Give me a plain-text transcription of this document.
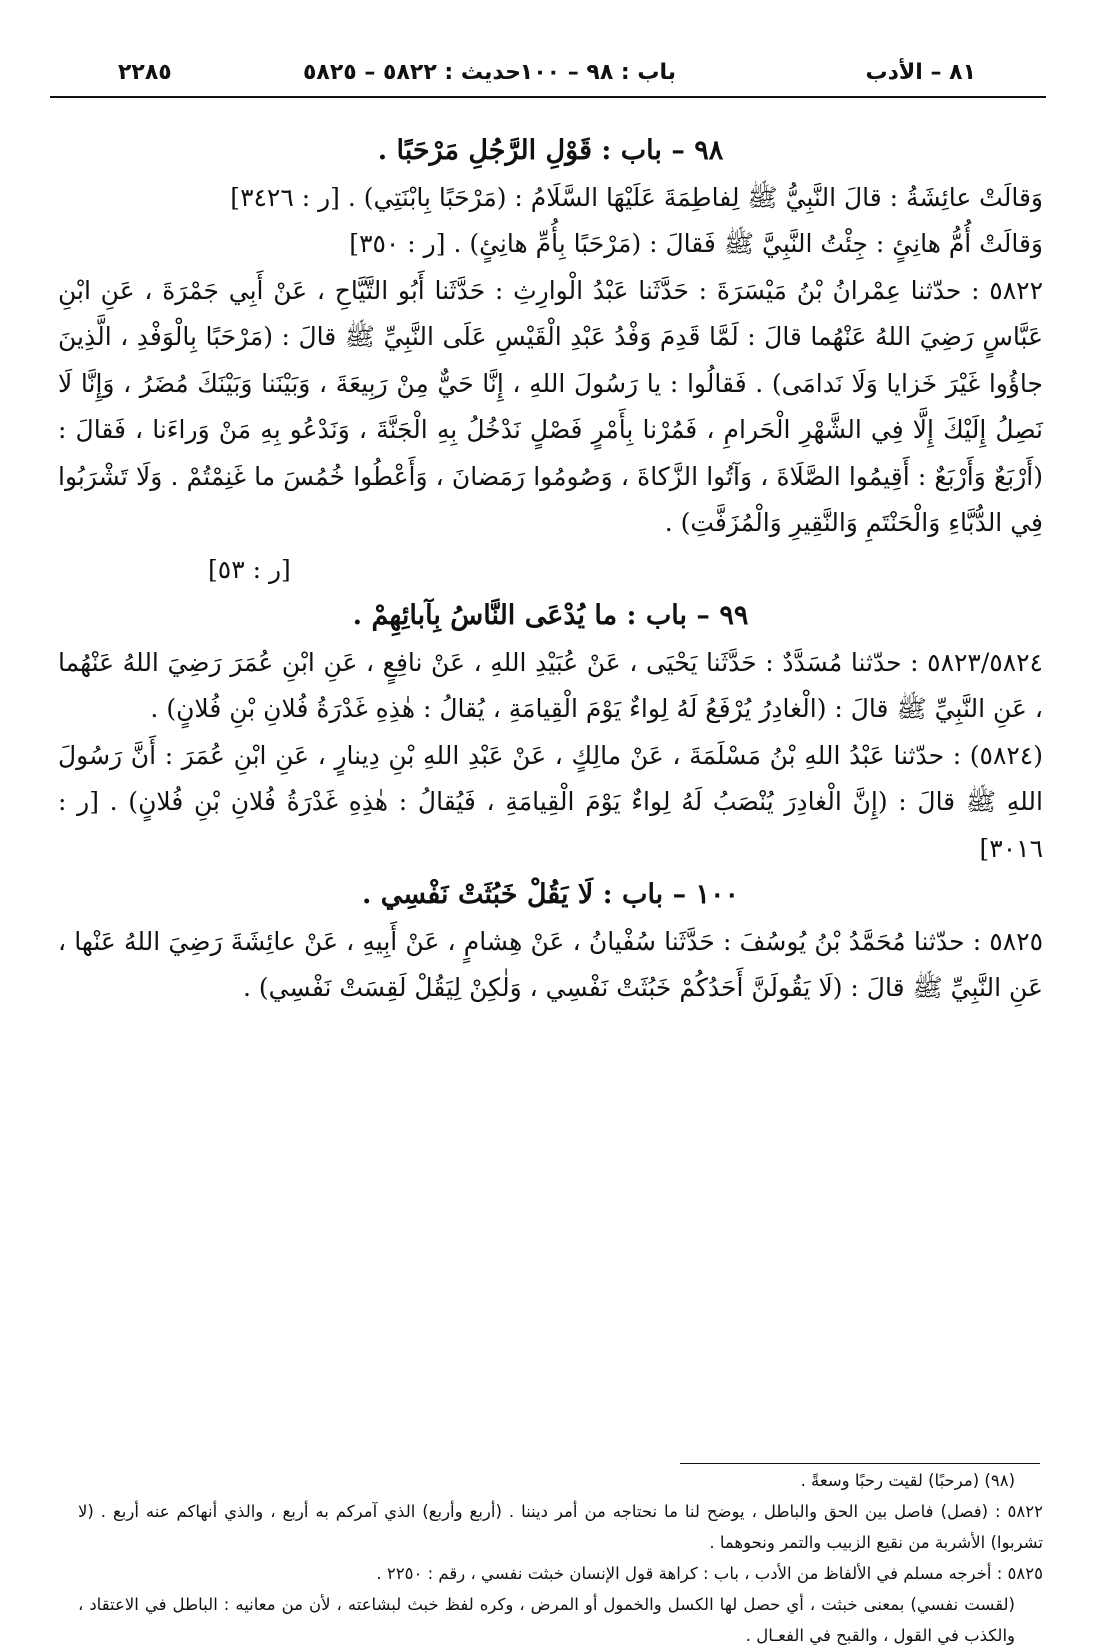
٨١ – الأدب
باب : ٩٨ – ١٠٠
حديث : ٥٨٢٢ – ٥٨٢٥
٢٢٨٥

٩٨ – باب : قَوْلِ الرَّجُلِ مَرْحَبًا .

وَقالَتْ عائِشَةُ : قالَ النَّبِيُّ ﷺ لِفاطِمَةَ عَلَيْهَا السَّلَامُ : (مَرْحَبًا بِابْنَتِي) . [ر : ٣٤٢٦]

وَقالَتْ أُمُّ هانِئٍ : جِئْتُ النَّبِيَّ ﷺ فَقالَ : (مَرْحَبًا بِأُمِّ هانِئٍ) . [ر : ٣٥٠]

٥٨٢٢ : حدّثنا عِمْرانُ بْنُ مَيْسَرَةَ : حَدَّثَنا عَبْدُ الْوارِثِ : حَدَّثَنا أَبُو التَّيَّاحِ ، عَنْ أَبِي جَمْرَةَ ، عَنِ ابْنِ عَبَّاسٍ رَضِيَ اللهُ عَنْهُما قالَ : لَمَّا قَدِمَ وَفْدُ عَبْدِ الْقَيْسِ عَلَى النَّبِيِّ ﷺ قالَ : (مَرْحَبًا بِالْوَفْدِ ، الَّذِينَ جاؤُوا غَيْرَ خَزايا وَلَا نَدامَى) . فَقالُوا : يا رَسُولَ اللهِ ، إِنَّا حَيٌّ مِنْ رَبِيعَةَ ، وَبَيْنَنا وَبَيْنَكَ مُضَرُ ، وَإِنَّا لَا نَصِلُ إِلَيْكَ إِلَّا فِي الشَّهْرِ الْحَرامِ ، فَمُرْنا بِأَمْرٍ فَصْلٍ نَدْخُلُ بِهِ الْجَنَّةَ ، وَنَدْعُو بِهِ مَنْ وَراءَنا ، فَقالَ : (أَرْبَعٌ وَأَرْبَعٌ : أَقِيمُوا الصَّلَاةَ ، وَآتُوا الزَّكاةَ ، وَصُومُوا رَمَضانَ ، وَأَعْطُوا خُمُسَ ما غَنِمْتُمْ . وَلَا تَشْرَبُوا فِي الدُّبَّاءِ وَالْحَنْتَمِ وَالنَّقِيرِ وَالْمُزَفَّتِ) .

[ر : ٥٣]

٩٩ – باب : ما يُدْعَى النَّاسُ بِآبائِهِمْ .

٥٨٢٣/٥٨٢٤ : حدّثنا مُسَدَّدٌ : حَدَّثَنا يَحْيَى ، عَنْ عُبَيْدِ اللهِ ، عَنْ نافِعٍ ، عَنِ ابْنِ عُمَرَ رَضِيَ اللهُ عَنْهُما ، عَنِ النَّبِيِّ ﷺ قالَ : (الْغادِرُ يُرْفَعُ لَهُ لِواءٌ يَوْمَ الْقِيامَةِ ، يُقالُ : هٰذِهِ غَدْرَةُ فُلانِ بْنِ فُلانٍ) .

(٥٨٢٤) : حدّثنا عَبْدُ اللهِ بْنُ مَسْلَمَةَ ، عَنْ مالِكٍ ، عَنْ عَبْدِ اللهِ بْنِ دِينارٍ ، عَنِ ابْنِ عُمَرَ : أَنَّ رَسُولَ اللهِ ﷺ قالَ : (إِنَّ الْغادِرَ يُنْصَبُ لَهُ لِواءٌ يَوْمَ الْقِيامَةِ ، فَيُقالُ : هٰذِهِ غَدْرَةُ فُلانِ بْنِ فُلانٍ) . [ر : ٣٠١٦]

١٠٠ – باب : لَا يَقُلْ خَبُثَتْ نَفْسِي .

٥٨٢٥ : حدّثنا مُحَمَّدُ بْنُ يُوسُفَ : حَدَّثَنا سُفْيانُ ، عَنْ هِشامٍ ، عَنْ أَبِيهِ ، عَنْ عائِشَةَ رَضِيَ اللهُ عَنْها ، عَنِ النَّبِيِّ ﷺ قالَ : (لَا يَقُولَنَّ أَحَدُكُمْ خَبُثَتْ نَفْسِي ، وَلٰكِنْ لِيَقُلْ لَقِسَتْ نَفْسِي) .

(٩٨) (مرحبًا) لقيت رحبًا وسعةً .

٥٨٢٢ : (فصل) فاصل بين الحق والباطل ، يوضح لنا ما نحتاجه من أمر ديننا . (أربع وأربع) الذي آمركم به أربع ، والذي أنهاكم عنه أربع . (لا تشربوا) الأشربة من نقيع الزبيب والتمر ونحوهما .

٥٨٢٥ : أخرجه مسلم في الألفاظ من الأدب ، باب : كراهة قول الإنسان خبثت نفسي ، رقم : ٢٢٥٠ .

(لقست نفسي) بمعنى خبثت ، أي حصل لها الكسل والخمول أو المرض ، وكره لفظ خبث لبشاعته ، لأن من معانيه : الباطل في الاعتقاد ، والكذب في القول ، والقبح في الفعـال .
